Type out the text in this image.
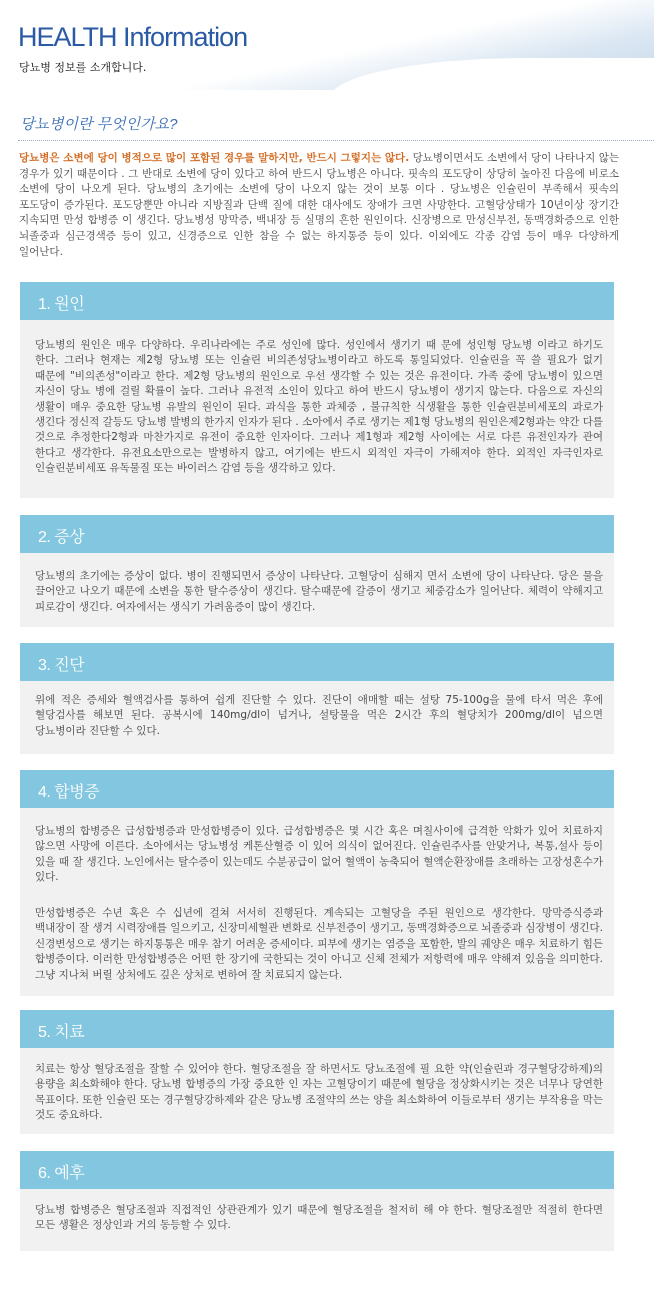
HEALTH Information
당뇨병 정보를 소개합니다.
당뇨병이란 무엇인가요?
당뇨병은 소변에 당이 병적으로 많이 포함된 경우를 말하지만, 반드시 그렇지는 않다. 당뇨병이면서도 소변에서 당이 나타나지 않는 경우가 있기 때문이다 . 그 반대로 소변에 당이 있다고 하여 반드시 당뇨병은 아니다. 핏속의 포도당이 상당히 높아진 다음에 비로소 소변에 당이 나오게 된다. 당뇨병의 초기에는 소변에 당이 나오지 않는 것이 보통 이다 . 당뇨병은 인슐린이 부족해서 핏속의 포도당이 증가된다. 포도당뿐만 아니라 지방질과 단백 질에 대한 대사에도 장애가 크면 사망한다. 고혈당상태가 10년이상 장기간 지속되면 만성 합병증 이 생긴다. 당뇨병성 망막증, 백내장 등 실명의 흔한 원인이다. 신장병으로 만성신부전, 동맥경화증으로 인한 뇌졸중과 심근경색증 등이 있고, 신경증으로 인한 참을 수 없는 하지통증 등이 있다. 이외에도 각종 감염 등이 매우 다양하게 일어난다.
1. 원인

당뇨병의 원인은 매우 다양하다. 우리나라에는 주로 성인에 많다. 성인에서 생기기 때 문에 성인형 당뇨병 이라고 하기도 한다. 그러나 현재는 제2형 당뇨병 또는 인슐린 비의존성당뇨병이라고 하도록 통일되었다. 인슐린을 꼭 쓸 필요가 없기 때문에 "비의존성"이라고 한다. 제2형 당뇨병의 원인으로 우선 생각할 수 있는 것은 유전이다. 가족 중에 당뇨병이 있으면 자신이 당뇨 병에 걸릴 확률이 높다. 그러나 유전적 소인이 있다고 하여 반드시 당뇨병이 생기지 않는다. 다음으로 자신의 생활이 매우 중요한 당뇨병 유발의 원인이 된다. 과식을 통한 과체중 , 불규칙한 식생활을 통한 인슐린분비세포의 과로가 생긴다 정신적 갈등도 당뇨병 발병의 한가지 인자가 된다 . 소아에서 주로 생기는 제1형 당뇨병의 원인은제2형과는 약간 다를 것으로 추정한다2형과 마찬가지로 유전이 중요한 인자이다. 그러나 제1형과 제2형 사이에는 서로 다른 유전인자가 관여 한다고 생각한다. 유전요소만으로는 발병하지 않고, 여기에는 반드시 외적인 자극이 가해져야 한다. 외적인 자극인자로 인슐린분비세포 유독물질 또는 바이러스 감염 등을 생각하고 있다.

2. 증상

당뇨병의 초기에는 증상이 없다. 병이 진행되면서 증상이 나타난다. 고혈당이 심해지 면서 소변에 당이 나타난다. 당은 물을 끌어안고 나오기 때문에 소변을 통한 탈수증상이 생긴다. 탈수때문에 갈증이 생기고 체중감소가 일어난다. 체력이 약해지고 피로감이 생긴다. 여자에서는 생식기 가려움증이 많이 생긴다.

3. 진단

위에 적은 증세와 혈액검사를 통하여 쉽게 진단할 수 있다. 진단이 애매할 때는 설탕 75-100g을 물에 타서 먹은 후에 혈당검사를 해보면 된다. 공복시에 140mg/dl이 넘거나, 설탕물을 먹은 2시간 후의 혈당치가 200mg/dl이 넘으면 당뇨병이라 진단할 수 있다.

4. 합병증

당뇨병의 합병증은 급성합병증과 만성합병증이 있다. 급성합병증은 몇 시간 혹은 며칠사이에 급격한 악화가 있어 치료하지 않으면 사망에 이른다. 소아에서는 당뇨병성 케톤산혈증 이 있어 의식이 없어진다. 인슐린주사를 안맞거나, 복통,설사 등이 있을 때 잘 생긴다. 노인에서는 탈수증이 있는데도 수분공급이 없어 혈액이 농축되어 혈액순환장애를 초래하는 고장성혼수가 있다.

만성합병증은 수년 혹은 수 십년에 걸쳐 서서히 진행된다. 계속되는 고혈당을 주된 원인으로 생각한다. 망막증식증과 백내장이 잘 생겨 시력장애를 일으키고, 신장미세혈관 변화로 신부전증이 생기고, 동맥경화증으로 뇌졸중과 심장병이 생긴다. 신경변성으로 생기는 하지통통은 매우 참기 어려운 증세이다. 피부에 생기는 염증을 포함한, 발의 궤양은 매우 치료하기 힘든 합병증이다. 이러한 만성합병증은 어떤 한 장기에 국한되는 것이 아니고 신체 전체가 저항력에 매우 약해져 있음을 의미한다. 그냥 지나쳐 버릴 상처에도 깊은 상처로 변하여 잘 치료되지 않는다.

5. 치료

치료는 항상 혈당조절을 잘할 수 있어야 한다. 혈당조절을 잘 하면서도 당뇨조절에 필 요한 약(인슐린과 경구혈당강하제)의 용량을 최소화해야 한다. 당뇨병 합병증의 가장 중요한 인 자는 고혈당이기 때문에 혈당을 정상화시키는 것은 너무나 당연한 목표이다. 또한 인슐린 또는 경구혈당강하제와 같은 당뇨병 조절약의 쓰는 양을 최소화하여 이들로부터 생기는 부작용을 막는 것도 중요하다.

6. 예후

당뇨병 합병증은 혈당조절과 직접적인 상관관계가 있기 때문에 혈당조절을 철저히 해 야 한다. 혈당조절만 적절히 한다면 모든 생활은 정상인과 거의 동등할 수 있다.
